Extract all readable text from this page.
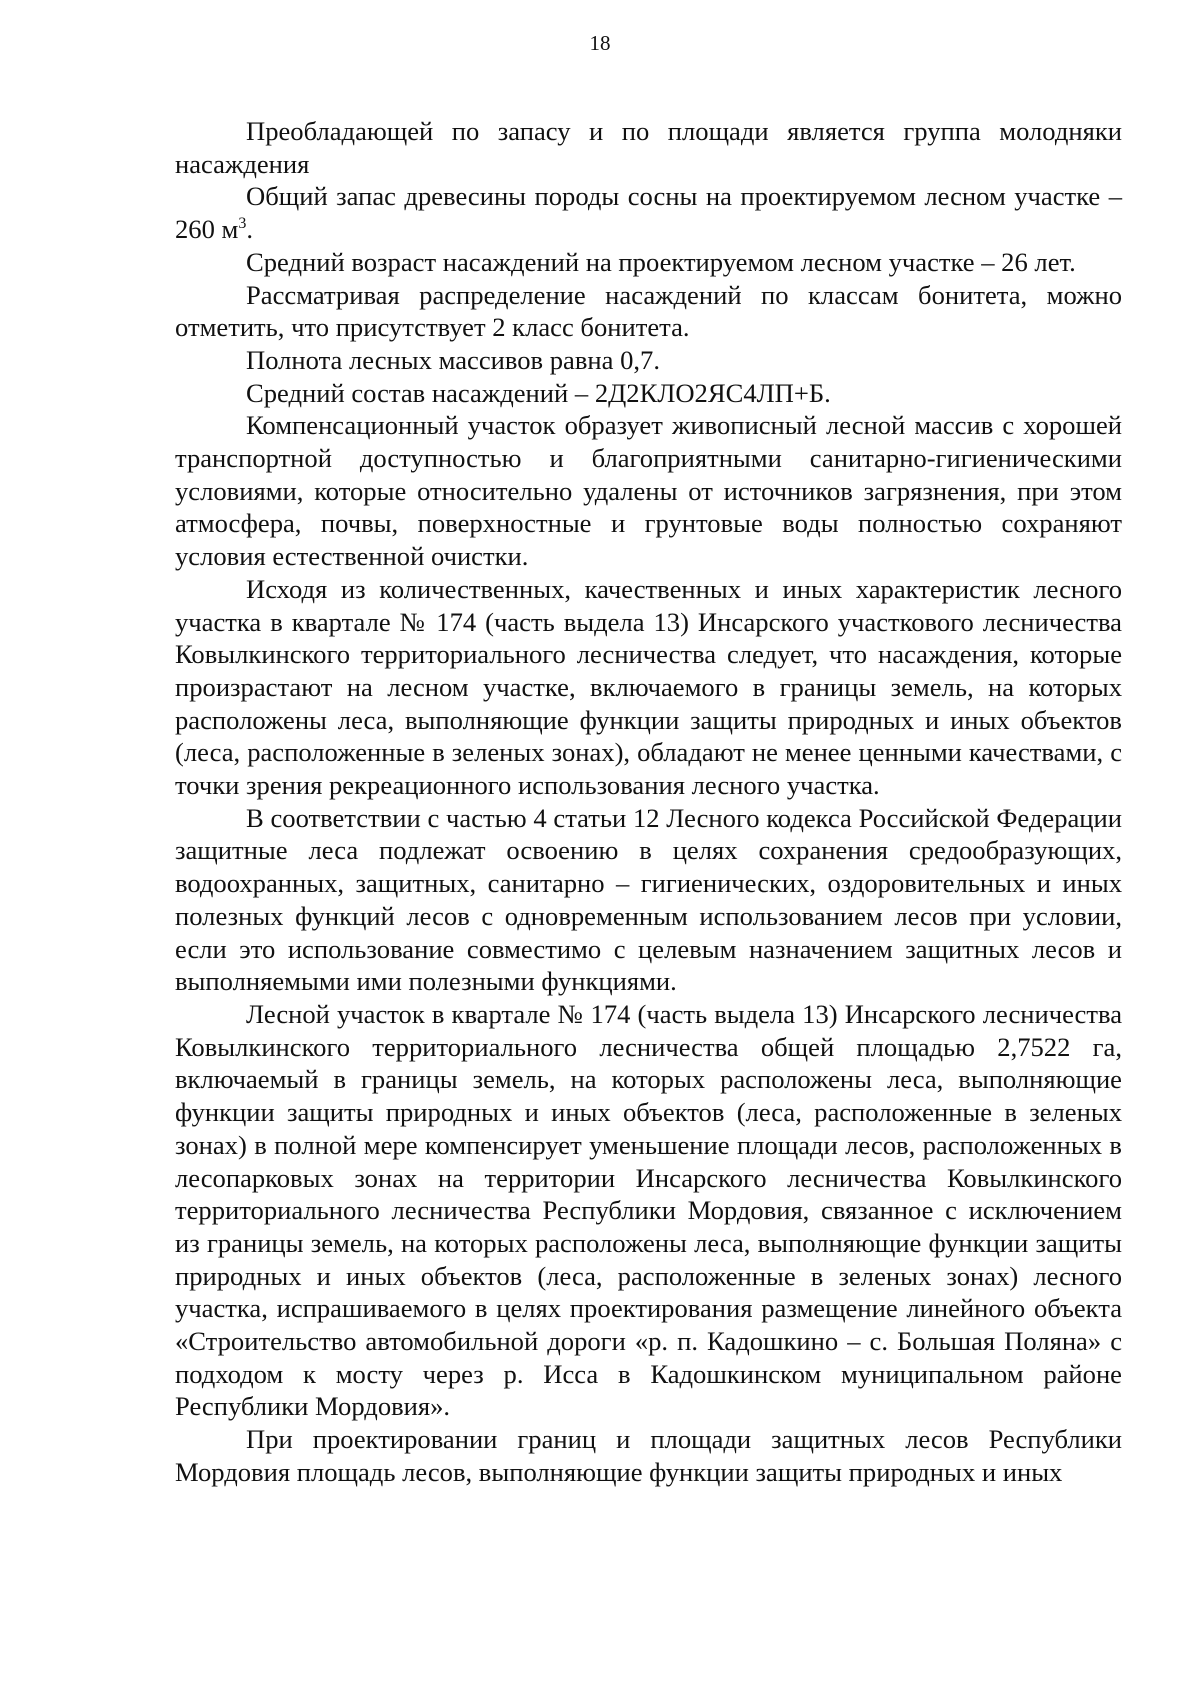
18

Преобладающей по запасу и по площади является группа молодняки насаждения

Общий запас древесины породы сосны на проектируемом лесном участке – 260 $м^3$.

Средний возраст насаждений на проектируемом лесном участке – 26 лет.

Рассматривая распределение насаждений по классам бонитета, можно отметить, что присутствует 2 класс бонитета.

Полнота лесных массивов равна 0,7.

Средний состав насаждений – 2Д2КЛО2ЯС4ЛП+Б.

Компенсационный участок образует живописный лесной массив с хорошей транспортной доступностью и благоприятными санитарно-гигиеническими условиями, которые относительно удалены от источников загрязнения, при этом атмосфера, почвы, поверхностные и грунтовые воды полностью сохраняют условия естественной очистки.

Исходя из количественных, качественных и иных характеристик лесного участка в квартале № 174 (часть выдела 13) Инсарского участкового лесничества Ковылкинского территориального лесничества следует, что насаждения, которые произрастают на лесном участке, включаемого в границы земель, на которых расположены леса, выполняющие функции защиты природных и иных объектов (леса, расположенные в зеленых зонах), обладают не менее ценными качествами, с точки зрения рекреационного использования лесного участка.

В соответствии с частью 4 статьи 12 Лесного кодекса Российской Федерации защитные леса подлежат освоению в целях сохранения средообразующих, водоохранных, защитных, санитарно – гигиенических, оздоровительных и иных полезных функций лесов с одновременным использованием лесов при условии, если это использование совместимо с целевым назначением защитных лесов и выполняемыми ими полезными функциями.

Лесной участок в квартале № 174 (часть выдела 13) Инсарского лесничества Ковылкинского территориального лесничества общей площадью 2,7522 га, включаемый в границы земель, на которых расположены леса, выполняющие функции защиты природных и иных объектов (леса, расположенные в зеленых зонах) в полной мере компенсирует уменьшение площади лесов, расположенных в лесопарковых зонах на территории Инсарского лесничества Ковылкинского территориального лесничества Республики Мордовия, связанное с исключением из границы земель, на которых расположены леса, выполняющие функции защиты природных и иных объектов (леса, расположенные в зеленых зонах) лесного участка, испрашиваемого в целях проектирования размещение линейного объекта «Строительство автомобильной дороги «р. п. Кадошкино – с. Большая Поляна» с подходом к мосту через р. Исса в Кадошкинском муниципальном районе Республики Мордовия».

При проектировании границ и площади защитных лесов Республики Мордовия площадь лесов, выполняющие функции защиты природных и иных
